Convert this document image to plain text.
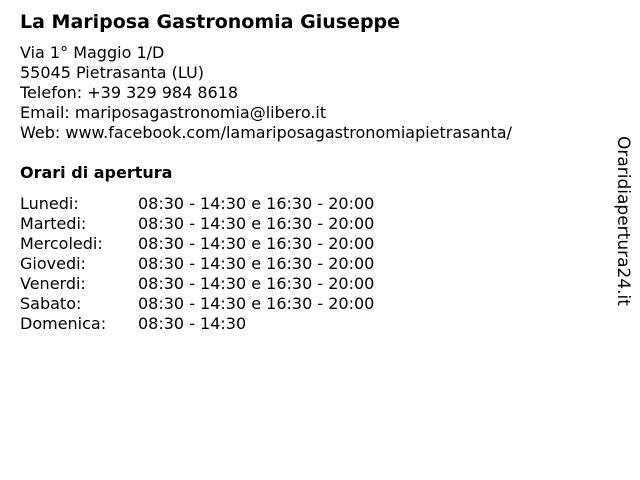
La Mariposa Gastronomia Giuseppe
Via 1° Maggio 1/D
55045 Pietrasanta (LU)
Telefon: +39 329 984 8618
Email: mariposagastronomia@libero.it
Web: www.facebook.com/lamariposagastronomiapietrasanta/
Orari di apertura
Lunedi:	08:30 - 14:30 e 16:30 - 20:00
Martedi:	08:30 - 14:30 e 16:30 - 20:00
Mercoledi: 08:30 - 14:30 e 16:30 - 20:00
Giovedi:	08:30 - 14:30 e 16:30 - 20:00
Venerdi:	08:30 - 14:30 e 16:30 - 20:00
Sabato:	08:30 - 14:30 e 16:30 - 20:00
Domenica: 08:30 - 14:30
Oraridiapertura24.it
